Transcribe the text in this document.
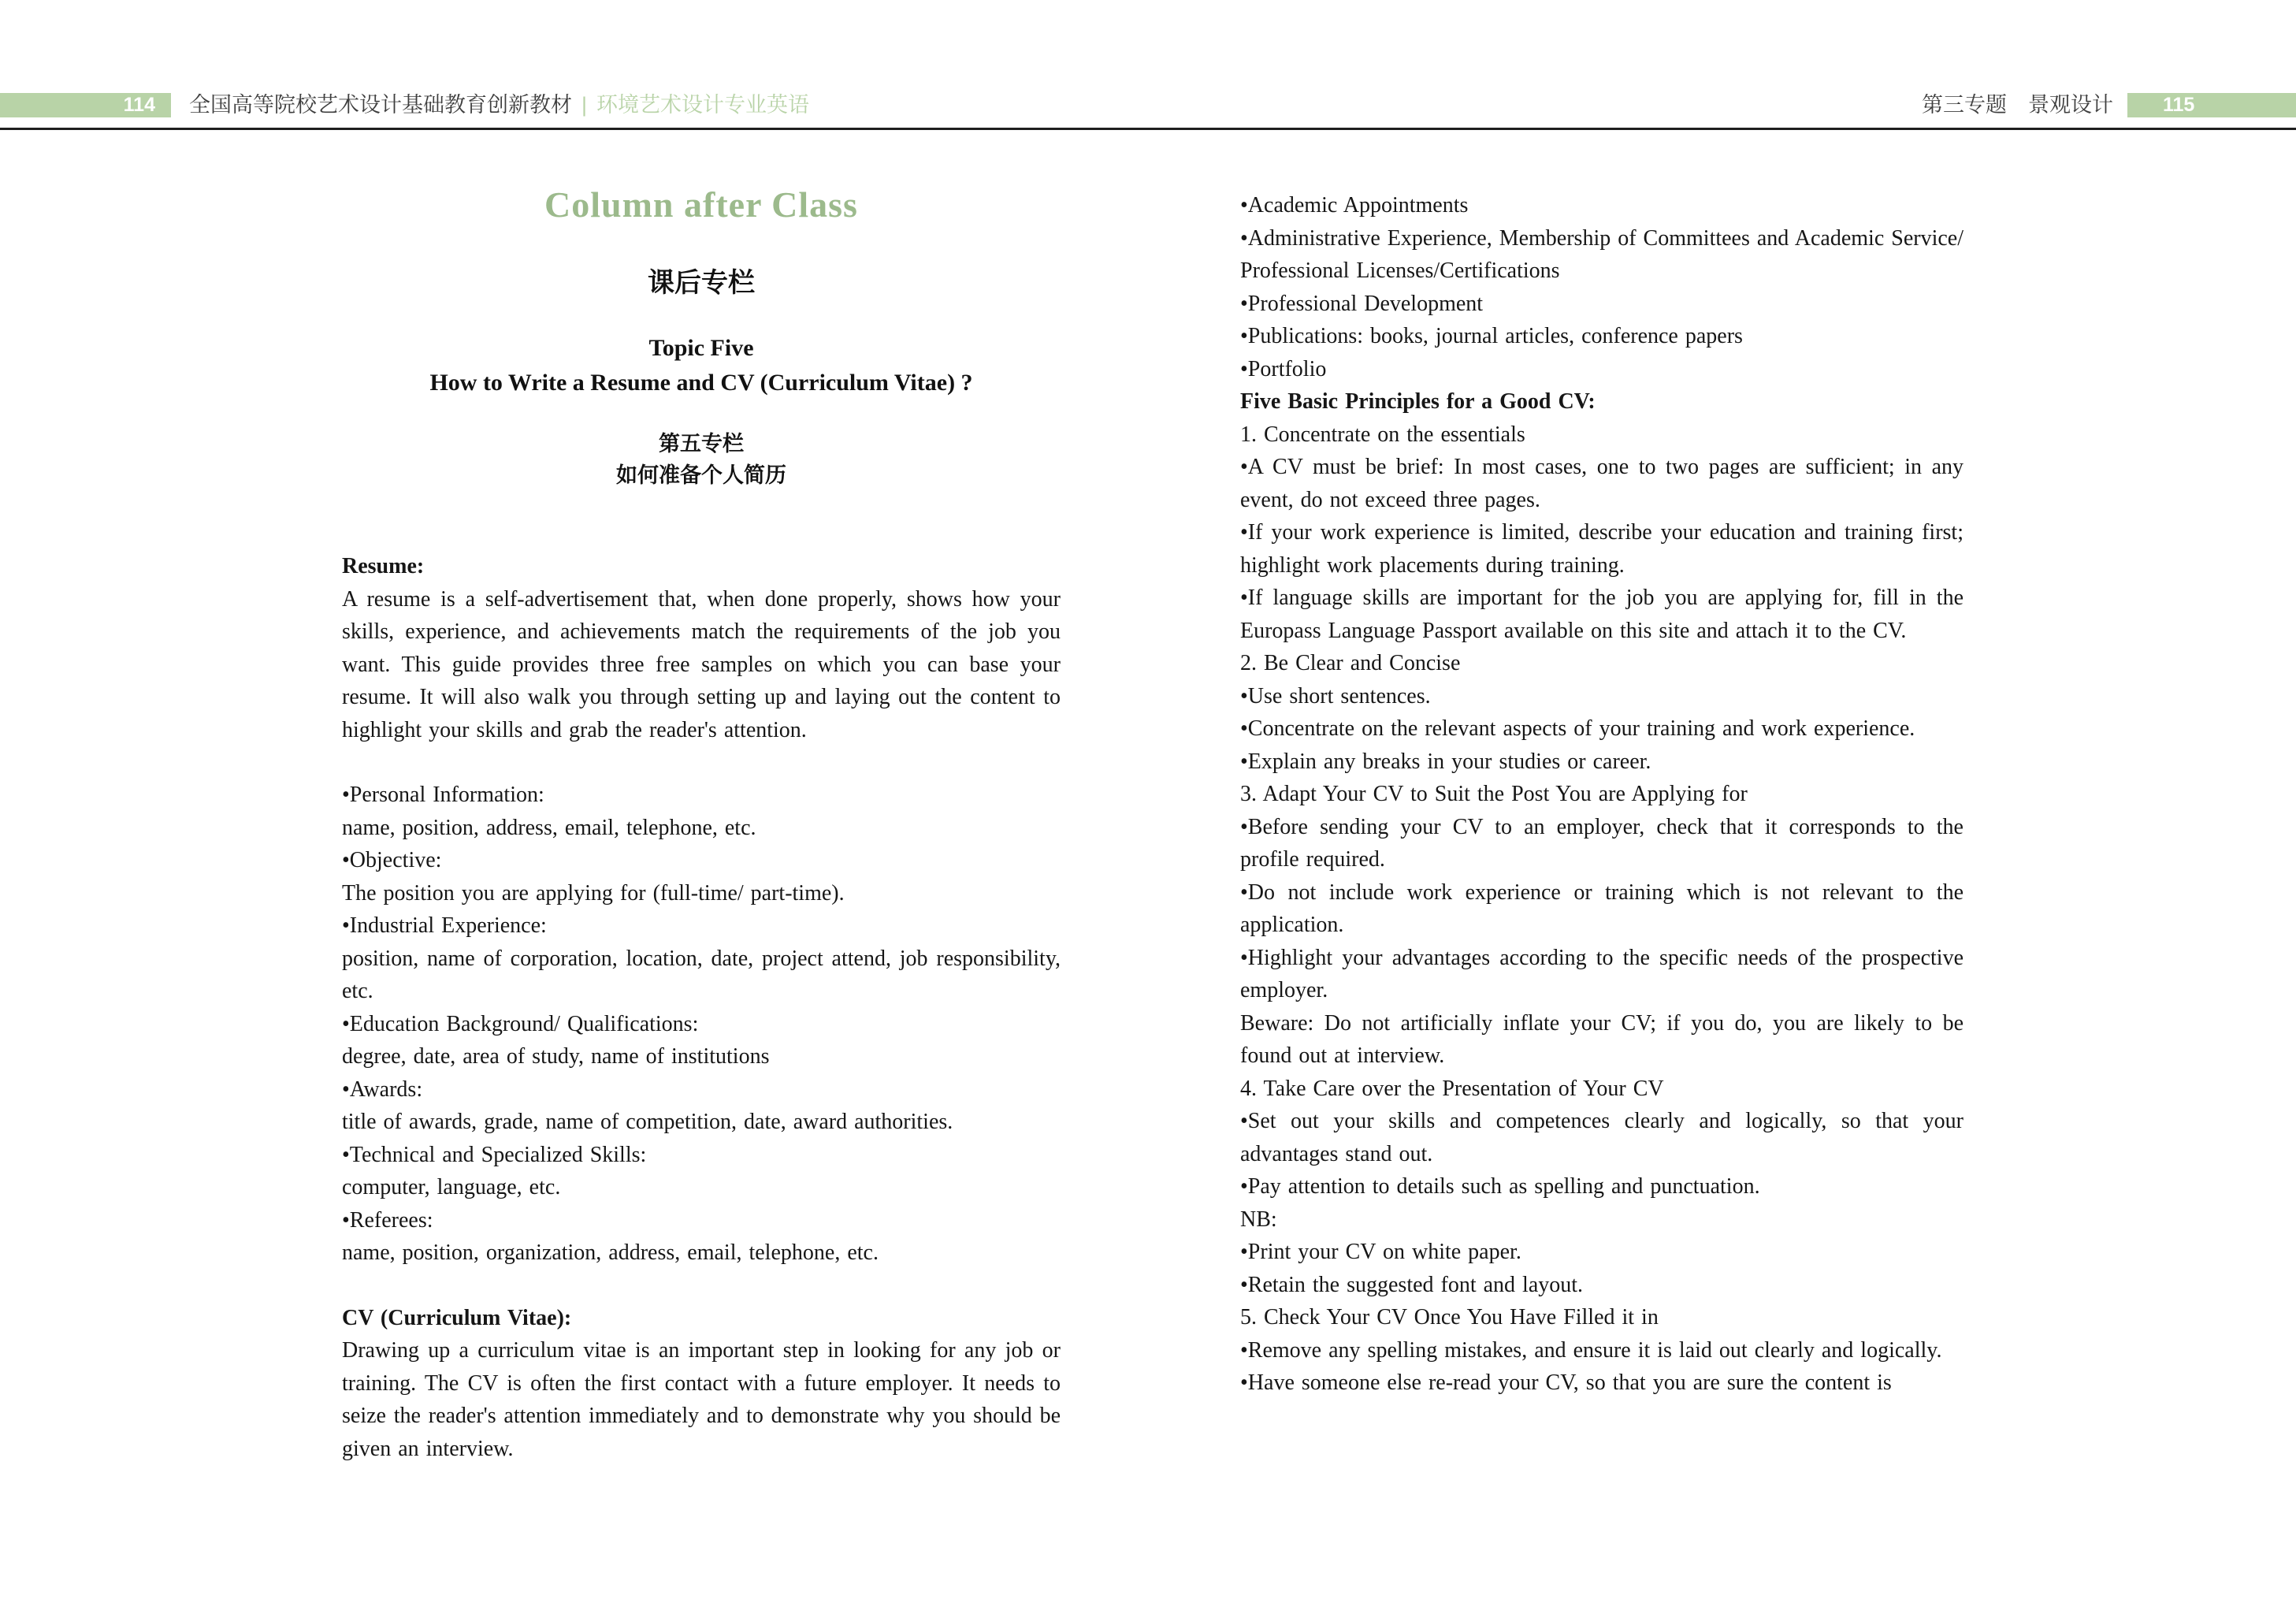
114	全国高等院校艺术设计基础教育创新教材 | 环境艺术设计专业英语	第三专题　景观设计	115
Column after Class
课后专栏

Topic Five

How to Write a Resume and CV (Curriculum Vitae) ?

第五专栏

如何准备个人简历

Resume:

A resume is a self-advertisement that, when done properly, shows how your skills, experience, and achievements match the requirements of the job you want. This guide provides three free samples on which you can base your resume. It will also walk you through setting up and laying out the content to highlight your skills and grab the reader's attention.

•Personal Information:

name, position, address, email, telephone, etc.

•Objective:

The position you are applying for (full-time/ part-time).

•Industrial Experience:

position, name of corporation, location, date, project attend, job responsibility, etc.

•Education Background/ Qualifications:

degree, date, area of study, name of institutions

•Awards:

title of awards, grade, name of competition, date, award authorities.

•Technical and Specialized Skills:

computer, language, etc.

•Referees:

name, position, organization, address, email, telephone, etc.

CV (Curriculum Vitae):

Drawing up a curriculum vitae is an important step in looking for any job or training. The CV is often the first contact with a future employer. It needs to seize the reader's attention immediately and to demonstrate why you should be given an interview.

•Academic Appointments

•Administrative Experience, Membership of Committees and Academic Service/ Professional Licenses/Certifications

•Professional Development

•Publications: books, journal articles, conference papers

•Portfolio

Five Basic Principles for a Good CV:

1. Concentrate on the essentials

•A CV must be brief: In most cases, one to two pages are sufficient; in any event, do not exceed three pages.

•If your work experience is limited, describe your education and training first; highlight work placements during training.

•If language skills are important for the job you are applying for, fill in the Europass Language Passport available on this site and attach it to the CV.

2. Be Clear and Concise

•Use short sentences.

•Concentrate on the relevant aspects of your training and work experience.

•Explain any breaks in your studies or career.

3. Adapt Your CV to Suit the Post You are Applying for

•Before sending your CV to an employer, check that it corresponds to the profile required.

•Do not include work experience or training which is not relevant to the application.

•Highlight your advantages according to the specific needs of the prospective employer.

Beware: Do not artificially inflate your CV; if you do, you are likely to be found out at interview.

4. Take Care over the Presentation of Your CV

•Set out your skills and competences clearly and logically, so that your advantages stand out.

•Pay attention to details such as spelling and punctuation.

NB:

•Print your CV on white paper.

•Retain the suggested font and layout.

5. Check Your CV Once You Have Filled it in

•Remove any spelling mistakes, and ensure it is laid out clearly and logically.

•Have someone else re-read your CV, so that you are sure the content is
